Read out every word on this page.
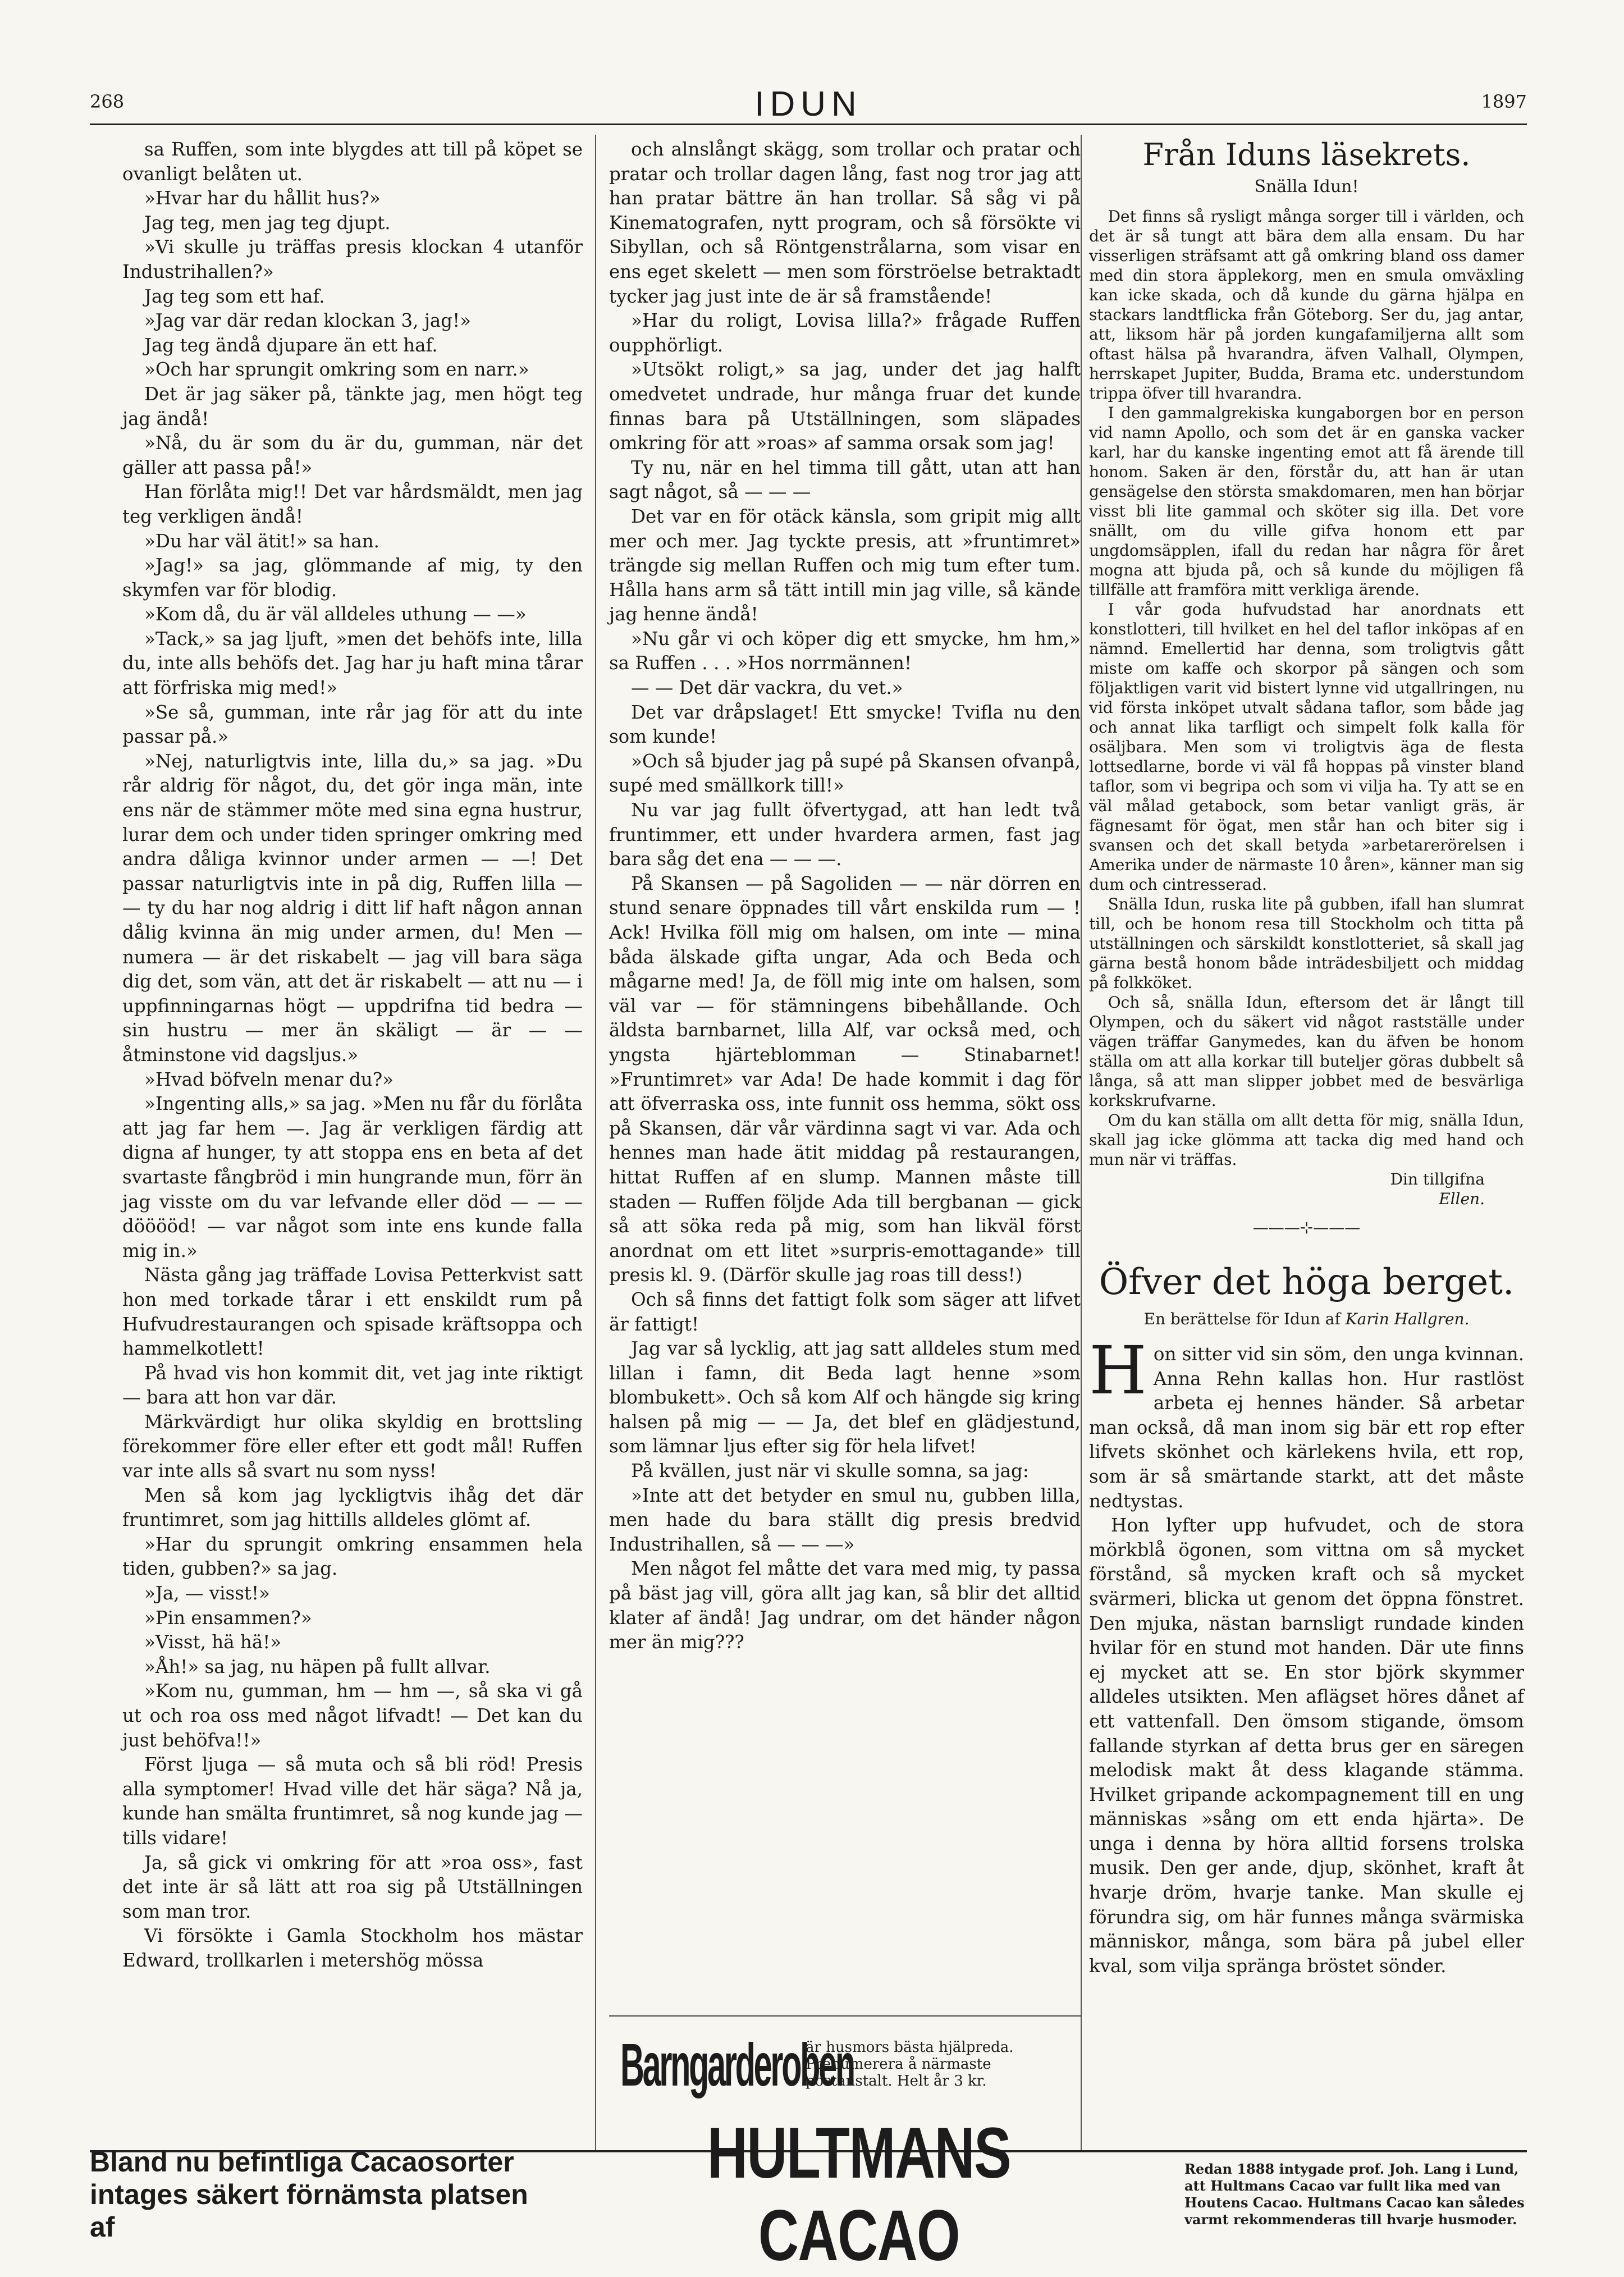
268	IDUN	1897

sa Ruffen, som inte blygdes att till på köpet se ovanligt belåten ut.

»Hvar har du hållit hus?»

Jag teg, men jag teg djupt.

»Vi skulle ju träffas presis klockan 4 utanför Industrihallen?»

Jag teg som ett haf.

»Jag var där redan klockan 3, jag!»

Jag teg ändå djupare än ett haf.

»Och har sprungit omkring som en narr.»

Det är jag säker på, tänkte jag, men högt teg jag ändå!

»Nå, du är som du är du, gumman, när det gäller att passa på!»

Han förlåta mig!! Det var hårdsmäldt, men jag teg verkligen ändå!

»Du har väl ätit!» sa han.

»Jag!» sa jag, glömmande af mig, ty den skymfen var för blodig.

»Kom då, du är väl alldeles uthung — —»

»Tack,» sa jag ljuft, »men det behöfs inte, lilla du, inte alls behöfs det. Jag har ju haft mina tårar att förfriska mig med!»

»Se så, gumman, inte rår jag för att du inte passar på.»

»Nej, naturligtvis inte, lilla du,» sa jag. »Du rår aldrig för något, du, det gör inga män, inte ens när de stämmer möte med sina egna hustrur, lurar dem och under tiden springer omkring med andra dåliga kvinnor under armen — —! Det passar naturligtvis inte in på dig, Ruffen lilla — — ty du har nog aldrig i ditt lif haft någon annan dålig kvinna än mig under armen, du! Men — numera — är det riskabelt — jag vill bara säga dig det, som vän, att det är riskabelt — att nu — i uppfinningarnas högt — uppdrifna tid bedra — sin hustru — mer än skäligt — är — — åtminstone vid dagsljus.»

»Hvad böfveln menar du?»

»Ingenting alls,» sa jag. »Men nu får du förlåta att jag far hem —. Jag är verkligen färdig att digna af hunger, ty att stoppa ens en beta af det svartaste fångbröd i min hungrande mun, förr än jag visste om du var lefvande eller död — — — dööööd! — var något som inte ens kunde falla mig in.»

Nästa gång jag träffade Lovisa Petterkvist satt hon med torkade tårar i ett enskildt rum på Hufvudrestaurangen och spisade kräftsoppa och hammelkotlett!

På hvad vis hon kommit dit, vet jag inte riktigt — bara att hon var där.

Märkvärdigt hur olika skyldig en brottsling förekommer före eller efter ett godt mål! Ruffen var inte alls så svart nu som nyss!

Men så kom jag lyckligtvis ihåg det där fruntimret, som jag hittills alldeles glömt af.

»Har du sprungit omkring ensammen hela tiden, gubben?» sa jag.

»Ja, — visst!»

»Pin ensammen?»

»Visst, hä hä!»

»Åh!» sa jag, nu häpen på fullt allvar.

»Kom nu, gumman, hm — hm —, så ska vi gå ut och roa oss med något lifvadt! — Det kan du just behöfva!!»

Först ljuga — så muta och så bli röd! Presis alla symptomer! Hvad ville det här säga? Nå ja, kunde han smälta fruntimret, så nog kunde jag — tills vidare!

Ja, så gick vi omkring för att »roa oss», fast det inte är så lätt att roa sig på Utställningen som man tror.

Vi försökte i Gamla Stockholm hos mästar Edward, trollkarlen i metershög mössa

och alnslångt skägg, som trollar och pratar och pratar och trollar dagen lång, fast nog tror jag att han pratar bättre än han trollar. Så såg vi på Kinematografen, nytt program, och så försökte vi Sibyllan, och så Röntgenstrålarna, som visar en ens eget skelett — men som förströelse betraktadt tycker jag just inte de är så framstående!

»Har du roligt, Lovisa lilla?» frågade Ruffen oupphörligt.

»Utsökt roligt,» sa jag, under det jag halft omedvetet undrade, hur många fruar det kunde finnas bara på Utställningen, som släpades omkring för att »roas» af samma orsak som jag!

Ty nu, när en hel timma till gått, utan att han sagt något, så — — —

Det var en för otäck känsla, som gripit mig allt mer och mer. Jag tyckte presis, att »fruntimret» trängde sig mellan Ruffen och mig tum efter tum. Hålla hans arm så tätt intill min jag ville, så kände jag henne ändå!

»Nu går vi och köper dig ett smycke, hm hm,» sa Ruffen . . . »Hos norrmännen!

— — Det där vackra, du vet.»

Det var dråpslaget! Ett smycke! Tvifla nu den som kunde!

»Och så bjuder jag på supé på Skansen ofvanpå, supé med smällkork till!»

Nu var jag fullt öfvertygad, att han ledt två fruntimmer, ett under hvardera armen, fast jag bara såg det ena — — —.

På Skansen — på Sagoliden — — när dörren en stund senare öppnades till vårt enskilda rum — ! Ack! Hvilka föll mig om halsen, om inte — mina båda älskade gifta ungar, Ada och Beda och mågarne med! Ja, de föll mig inte om halsen, som väl var — för stämningens bibehållande. Och äldsta barnbarnet, lilla Alf, var också med, och yngsta hjärteblomman — Stinabarnet! »Fruntimret» var Ada! De hade kommit i dag för att öfverraska oss, inte funnit oss hemma, sökt oss på Skansen, där vår värdinna sagt vi var. Ada och hennes man hade ätit middag på restaurangen, hittat Ruffen af en slump. Mannen måste till staden — Ruffen följde Ada till bergbanan — gick så att söka reda på mig, som han likväl först anordnat om ett litet »surpris-emottagande» till presis kl. 9. (Därför skulle jag roas till dess!)

Och så finns det fattigt folk som säger att lifvet är fattigt!

Jag var så lycklig, att jag satt alldeles stum med lillan i famn, dit Beda lagt henne »som blombukett». Och så kom Alf och hängde sig kring halsen på mig — — Ja, det blef en glädjestund, som lämnar ljus efter sig för hela lifvet!

På kvällen, just när vi skulle somna, sa jag:

»Inte att det betyder en smul nu, gubben lilla, men hade du bara ställt dig presis bredvid Industrihallen, så — — —»

Men något fel måtte det vara med mig, ty passa på bäst jag vill, göra allt jag kan, så blir det alltid klater af ändå! Jag undrar, om det händer någon mer än mig???

Från Iduns läsekrets.
Snälla Idun!

Det finns så rysligt många sorger till i världen, och det är så tungt att bära dem alla ensam. Du har visserligen sträfsamt att gå omkring bland oss damer med din stora äpplekorg, men en smula omväxling kan icke skada, och då kunde du gärna hjälpa en stackars landtflicka från Göteborg. Ser du, jag antar, att, liksom här på jorden kungafamiljerna allt som oftast hälsa på hvarandra, äfven Valhall, Olympen, herrskapet Jupiter, Budda, Brama etc. understundom trippa öfver till hvarandra.

I den gammalgrekiska kungaborgen bor en person vid namn Apollo, och som det är en ganska vacker karl, har du kanske ingenting emot att få ärende till honom. Saken är den, förstår du, att han är utan gensägelse den största smakdomaren, men han börjar visst bli lite gammal och sköter sig illa. Det vore snällt, om du ville gifva honom ett par ungdomsäpplen, ifall du redan har några för året mogna att bjuda på, och så kunde du möjligen få tillfälle att framföra mitt verkliga ärende.

I vår goda hufvudstad har anordnats ett konstlotteri, till hvilket en hel del taflor inköpas af en nämnd. Emellertid har denna, som troligtvis gått miste om kaffe och skorpor på sängen och som följaktligen varit vid bistert lynne vid utgallringen, nu vid första inköpet utvalt sådana taflor, som både jag och annat lika tarfligt och simpelt folk kalla för osäljbara. Men som vi troligtvis äga de flesta lottsedlarne, borde vi väl få hoppas på vinster bland taflor, som vi begripa och som vi vilja ha. Ty att se en väl målad getabock, som betar vanligt gräs, är fägnesamt för ögat, men står han och biter sig i svansen och det skall betyda »arbetarerörelsen i Amerika under de närmaste 10 åren», känner man sig dum och cintresserad.

Snälla Idun, ruska lite på gubben, ifall han slumrat till, och be honom resa till Stockholm och titta på utställningen och särskildt konstlotteriet, så skall jag gärna bestå honom både inträdesbiljett och middag på folkköket.

Och så, snälla Idun, eftersom det är långt till Olympen, och du säkert vid något rastställe under vägen träffar Ganymedes, kan du äfven be honom ställa om att alla korkar till buteljer göras dubbelt så långa, så att man slipper jobbet med de besvärliga korkskrufvarne.

Om du kan ställa om allt detta för mig, snälla Idun, skall jag icke glömma att tacka dig med hand och mun när vi träffas.

Din tillgifna
Ellen.
———⊹———
Öfver det höga berget.
En berättelse för Idun af Karin Hallgren.
H on sitter vid sin söm, den unga kvinnan. Anna Rehn kallas hon. Hur rastlöst arbeta ej hennes händer. Så arbetar man också, då man inom sig bär ett rop efter lifvets skönhet och kärlekens hvila, ett rop, som är så smärtande starkt, att det måste nedtystas.

Hon lyfter upp hufvudet, och de stora mörkblå ögonen, som vittna om så mycket förstånd, så mycken kraft och så mycket svärmeri, blicka ut genom det öppna fönstret. Den mjuka, nästan barnsligt rundade kinden hvilar för en stund mot handen. Där ute finns ej mycket att se. En stor björk skymmer alldeles utsikten. Men aflägset höres dånet af ett vattenfall. Den ömsom stigande, ömsom fallande styrkan af detta brus ger en säregen melodisk makt åt dess klagande stämma. Hvilket gripande ackompagnement till en ung människas »sång om ett enda hjärta». De unga i denna by höra alltid forsens trolska musik. Den ger ande, djup, skönhet, kraft åt hvarje dröm, hvarje tanke. Man skulle ej förundra sig, om här funnes många svärmiska människor, många, som bära på jubel eller kval, som vilja spränga bröstet sönder.

Barngarderoben
är husmors bästa hjälpreda. Prenumerera å närmaste postanstalt. Helt år 3 kr.
Bland nu befintliga Cacaosorter
intages säkert förnämsta platsen af
HULTMANS CACAO
Redan 1888 intygade prof. Joh. Lang i Lund, att Hultmans Cacao var fullt lika med van Houtens Cacao. Hultmans Cacao kan således varmt rekommenderas till hvarje husmoder.
